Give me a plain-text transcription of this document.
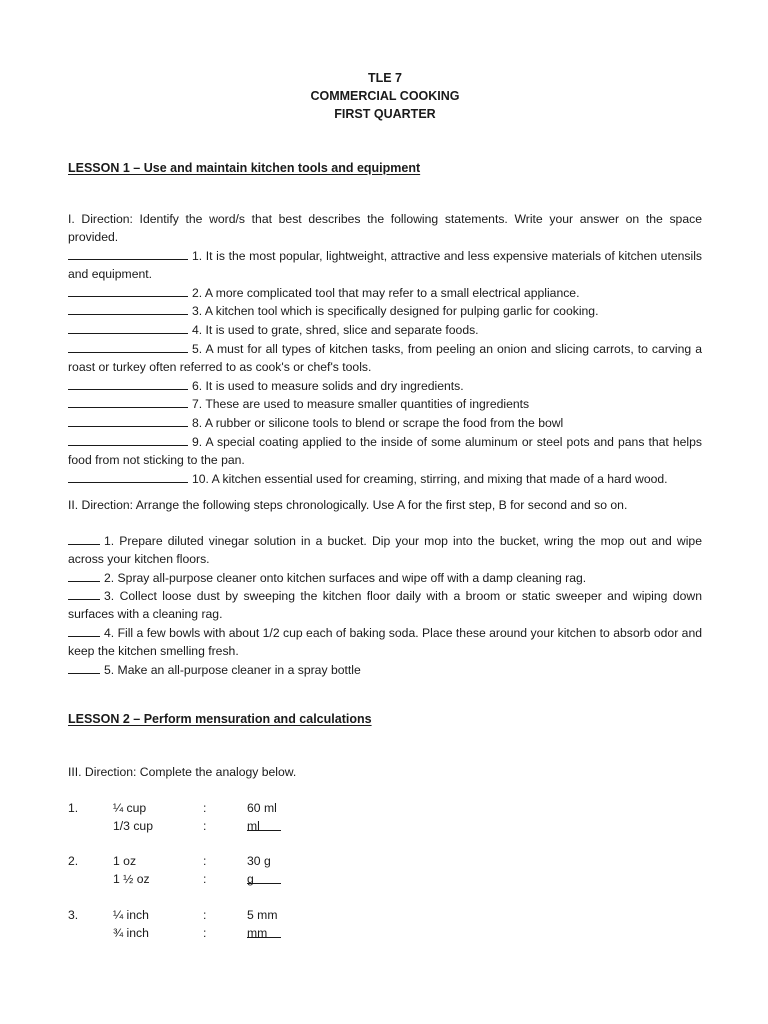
TLE 7
COMMERCIAL COOKING
FIRST QUARTER
LESSON 1 – Use and maintain kitchen tools and equipment
I. Direction: Identify the word/s that best describes the following statements. Write your answer on the space provided.
1. It is the most popular, lightweight, attractive and less expensive materials of kitchen utensils and equipment.
2. A more complicated tool that may refer to a small electrical appliance.
3. A kitchen tool which is specifically designed for pulping garlic for cooking.
4. It is used to grate, shred, slice and separate foods.
5. A must for all types of kitchen tasks, from peeling an onion and slicing carrots, to carving a roast or turkey often referred to as cook's or chef's tools.
6. It is used to measure solids and dry ingredients.
7. These are used to measure smaller quantities of ingredients
8. A rubber or silicone tools to blend or scrape the food from the bowl
9. A special coating applied to the inside of some aluminum or steel pots and pans that helps food from not sticking to the pan.
10. A kitchen essential used for creaming, stirring, and mixing that made of a hard wood.
II. Direction: Arrange the following steps chronologically. Use A for the first step, B for second and so on.
1. Prepare diluted vinegar solution in a bucket. Dip your mop into the bucket, wring the mop out and wipe across your kitchen floors.
2. Spray all-purpose cleaner onto kitchen surfaces and wipe off with a damp cleaning rag.
3. Collect loose dust by sweeping the kitchen floor daily with a broom or static sweeper and wiping down surfaces with a cleaning rag.
4. Fill a few bowls with about 1/2 cup each of baking soda. Place these around your kitchen to absorb odor and keep the kitchen smelling fresh.
5. Make an all-purpose cleaner in a spray bottle
LESSON 2 – Perform mensuration and calculations
III. Direction: Complete the analogy below.
1.	¼ cup	:	60 ml
1/3 cup	:	ml
2.	1 oz	:	30 g
1 ½ oz	:	g
3.	¼ inch	:	5 mm
¾ inch	:	mm
